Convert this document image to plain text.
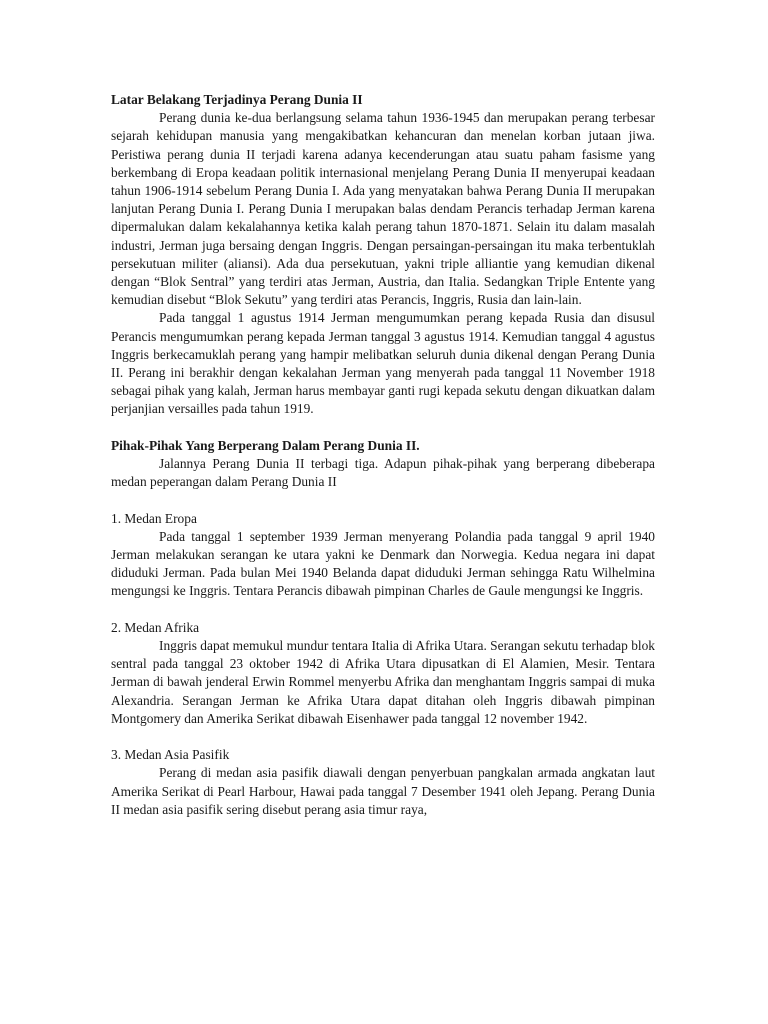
Latar Belakang Terjadinya Perang Dunia II

Perang dunia ke-dua berlangsung selama tahun 1936-1945 dan merupakan perang terbesar sejarah kehidupan manusia yang mengakibatkan kehancuran dan menelan korban jutaan jiwa. Peristiwa perang dunia II terjadi karena adanya kecenderungan atau suatu paham fasisme yang berkembang di Eropa keadaan politik internasional menjelang Perang Dunia II menyerupai keadaan tahun 1906-1914 sebelum Perang Dunia I. Ada yang menyatakan bahwa Perang Dunia II merupakan lanjutan Perang Dunia I. Perang Dunia I merupakan balas dendam Perancis terhadap Jerman karena dipermalukan dalam kekalahannya ketika kalah perang tahun 1870-1871. Selain itu dalam masalah industri, Jerman juga bersaing dengan Inggris. Dengan persaingan-persaingan itu maka terbentuklah persekutuan militer (aliansi). Ada dua persekutuan, yakni triple alliantie yang kemudian dikenal dengan “Blok Sentral” yang terdiri atas Jerman, Austria, dan Italia. Sedangkan Triple Entente yang kemudian disebut “Blok Sekutu” yang terdiri atas Perancis, Inggris, Rusia dan lain-lain.

Pada tanggal 1 agustus 1914 Jerman mengumumkan perang kepada Rusia dan disusul Perancis mengumumkan perang kepada Jerman tanggal 3 agustus 1914. Kemudian tanggal 4 agustus Inggris berkecamuklah perang yang hampir melibatkan seluruh dunia dikenal dengan Perang Dunia II. Perang ini berakhir dengan kekalahan Jerman yang menyerah pada tanggal 11 November 1918 sebagai pihak yang kalah, Jerman harus membayar ganti rugi kepada sekutu dengan dikuatkan dalam perjanjian versailles pada tahun 1919.

Pihak-Pihak Yang Berperang Dalam Perang Dunia II.

Jalannya Perang Dunia II terbagi tiga. Adapun pihak-pihak yang berperang dibeberapa medan peperangan dalam Perang Dunia II

1. Medan Eropa

Pada tanggal 1 september 1939 Jerman menyerang Polandia pada tanggal 9 april 1940 Jerman melakukan serangan ke utara yakni ke Denmark dan Norwegia. Kedua negara ini dapat diduduki Jerman. Pada bulan Mei 1940 Belanda dapat diduduki Jerman sehingga Ratu Wilhelmina mengungsi ke Inggris. Tentara Perancis dibawah pimpinan Charles de Gaule mengungsi ke Inggris.

2. Medan Afrika

Inggris dapat memukul mundur tentara Italia di Afrika Utara. Serangan sekutu terhadap blok sentral pada tanggal 23 oktober 1942 di Afrika Utara dipusatkan di El Alamien, Mesir. Tentara Jerman di bawah jenderal Erwin Rommel menyerbu Afrika dan menghantam Inggris sampai di muka Alexandria. Serangan Jerman ke Afrika Utara dapat ditahan oleh Inggris dibawah pimpinan Montgomery dan Amerika Serikat dibawah Eisenhawer pada tanggal 12 november 1942.

3. Medan Asia Pasifik

Perang di medan asia pasifik diawali dengan penyerbuan pangkalan armada angkatan laut Amerika Serikat di Pearl Harbour, Hawai pada tanggal 7 Desember 1941 oleh Jepang. Perang Dunia II medan asia pasifik sering disebut perang asia timur raya,
